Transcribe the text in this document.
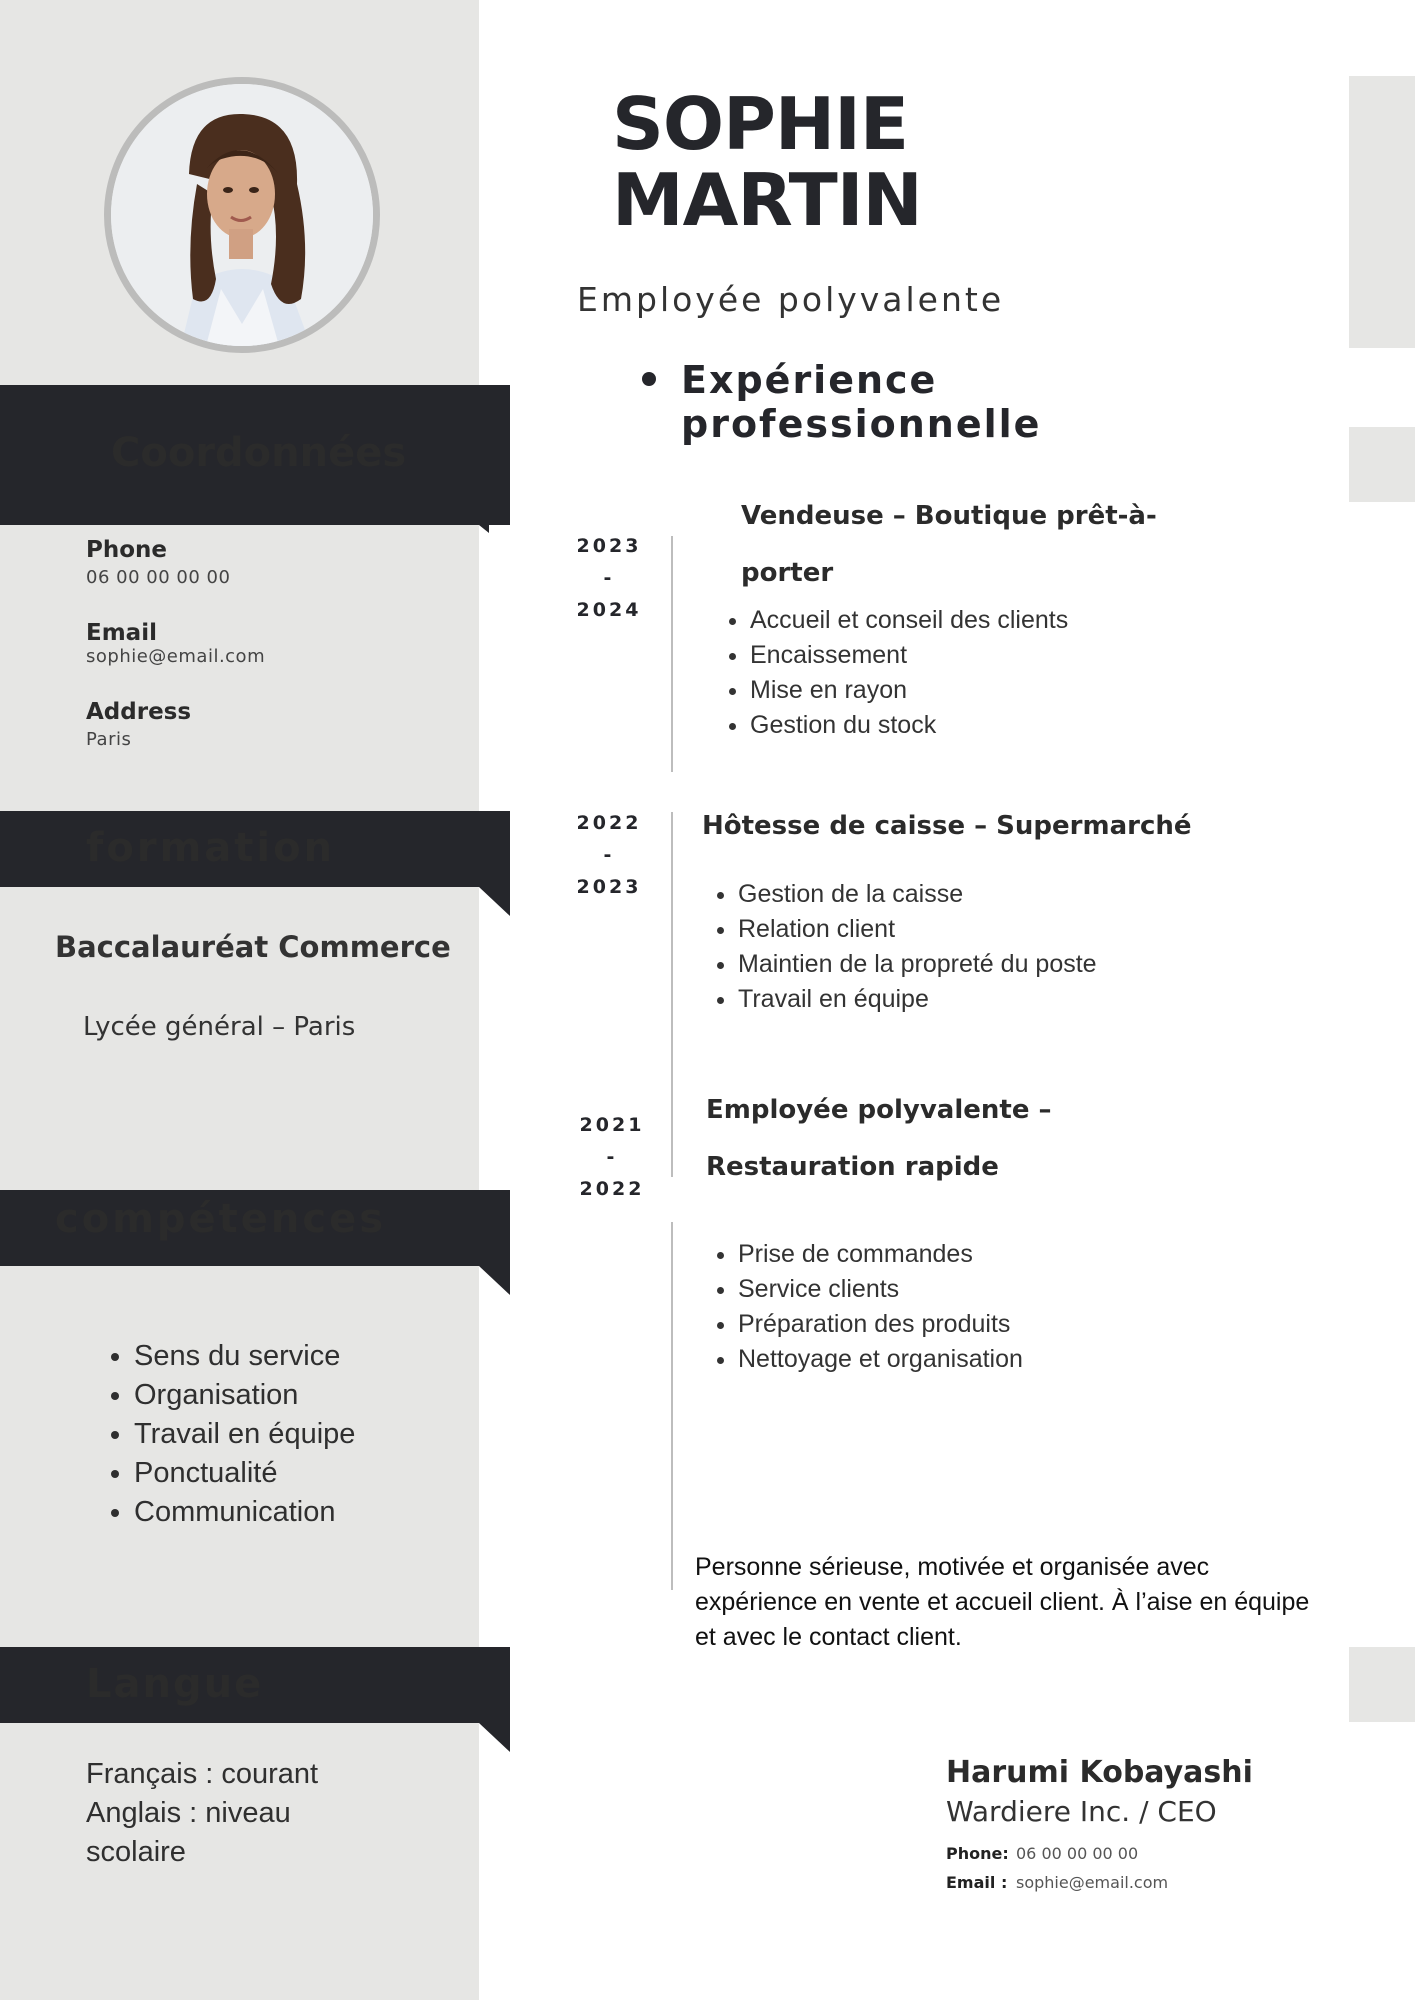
Coordonnées
Phone
06 00 00 00 00
Email
sophie@email.com
Address
Paris
formation
Baccalauréat Commerce
Lycée général – Paris
compétences
• Sens du service
• Organisation
• Travail en équipe
• Ponctualité
• Communication
Langue
Français : courant
Anglais : niveau
scolaire
SOPHIE
MARTIN
Employée polyvalente
Expérience
professionnelle
2023
-
2024
Vendeuse – Boutique prêt-à-
porter
• Accueil et conseil des clients
• Encaissement
• Mise en rayon
• Gestion du stock
2022
-
2023
Hôtesse de caisse – Supermarché
• Gestion de la caisse
• Relation client
• Maintien de la propreté du poste
• Travail en équipe
2021
-
2022
Employée polyvalente –
Restauration rapide
• Prise de commandes
• Service clients
• Préparation des produits
• Nettoyage et organisation
Personne sérieuse, motivée et organisée avec expérience en vente et accueil client. À l’aise en équipe et avec le contact client.
Harumi Kobayashi
Wardiere Inc. / CEO
Phone: 06 00 00 00 00
Email : sophie@email.com
